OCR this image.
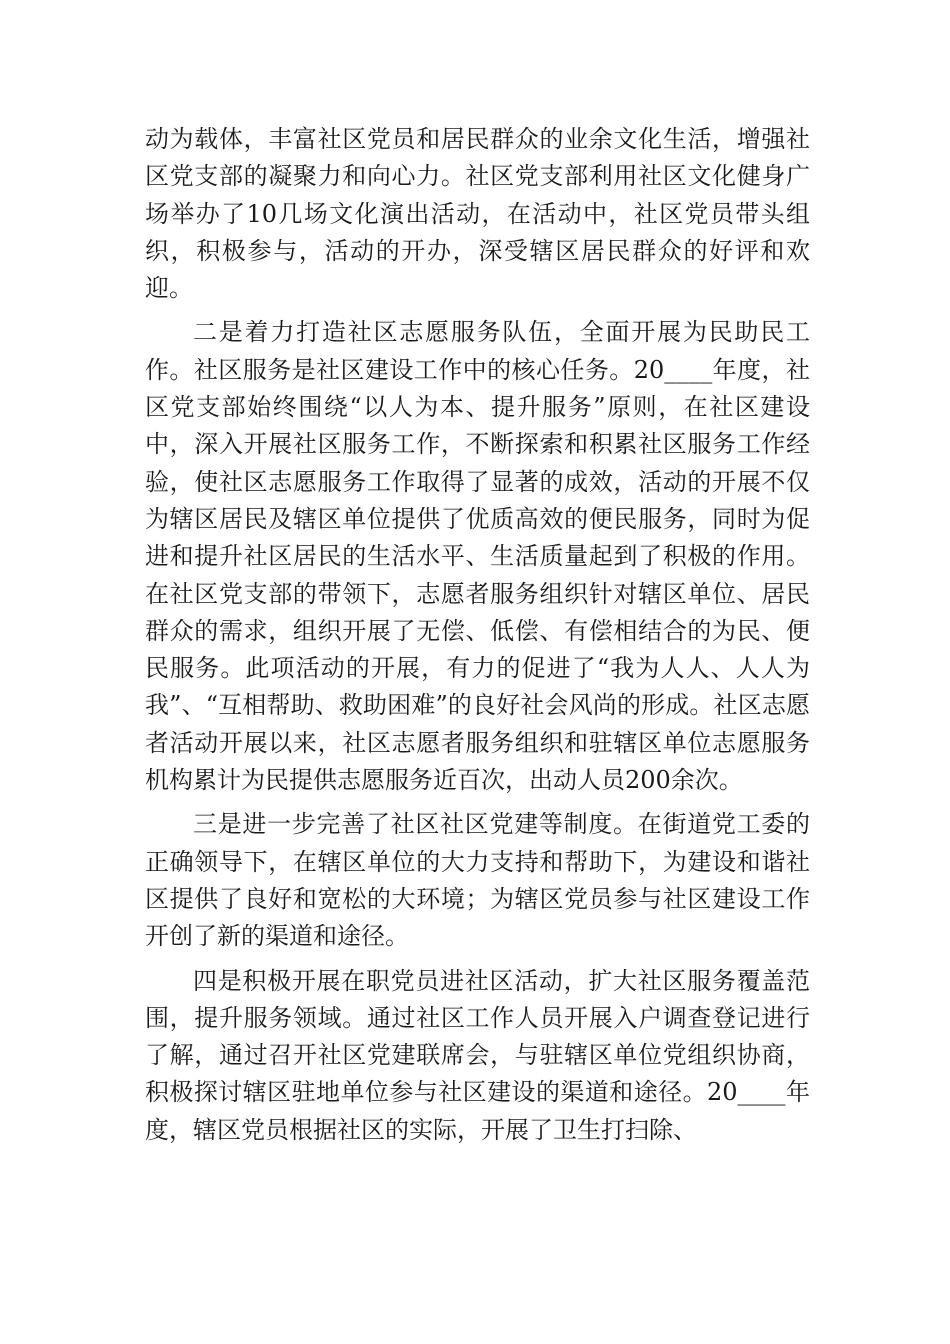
动为载体，丰富社区党员和居民群众的业余文化生活，增强社区党支部的凝聚力和向心力。社区党支部利用社区文化健身广场举办了10几场文化演出活动，在活动中，社区党员带头组织，积极参与，活动的开办，深受辖区居民群众的好评和欢迎。

二是着力打造社区志愿服务队伍，全面开展为民助民工作。社区服务是社区建设工作中的核心任务。20____年度，社区党支部始终围绕“以人为本、提升服务”原则，在社区建设中，深入开展社区服务工作，不断探索和积累社区服务工作经验，使社区志愿服务工作取得了显著的成效，活动的开展不仅为辖区居民及辖区单位提供了优质高效的便民服务，同时为促进和提升社区居民的生活水平、生活质量起到了积极的作用。在社区党支部的带领下，志愿者服务组织针对辖区单位、居民群众的需求，组织开展了无偿、低偿、有偿相结合的为民、便民服务。此项活动的开展，有力的促进了“我为人人、人人为我”、“互相帮助、救助困难”的良好社会风尚的形成。社区志愿者活动开展以来，社区志愿者服务组织和驻辖区单位志愿服务机构累计为民提供志愿服务近百次，出动人员200余次。

三是进一步完善了社区社区党建等制度。在街道党工委的正确领导下，在辖区单位的大力支持和帮助下，为建设和谐社区提供了良好和宽松的大环境；为辖区党员参与社区建设工作开创了新的渠道和途径。

四是积极开展在职党员进社区活动，扩大社区服务覆盖范围，提升服务领域。通过社区工作人员开展入户调查登记进行了解，通过召开社区党建联席会，与驻辖区单位党组织协商，积极探讨辖区驻地单位参与社区建设的渠道和途径。20____年度，辖区党员根据社区的实际，开展了卫生打扫除、
